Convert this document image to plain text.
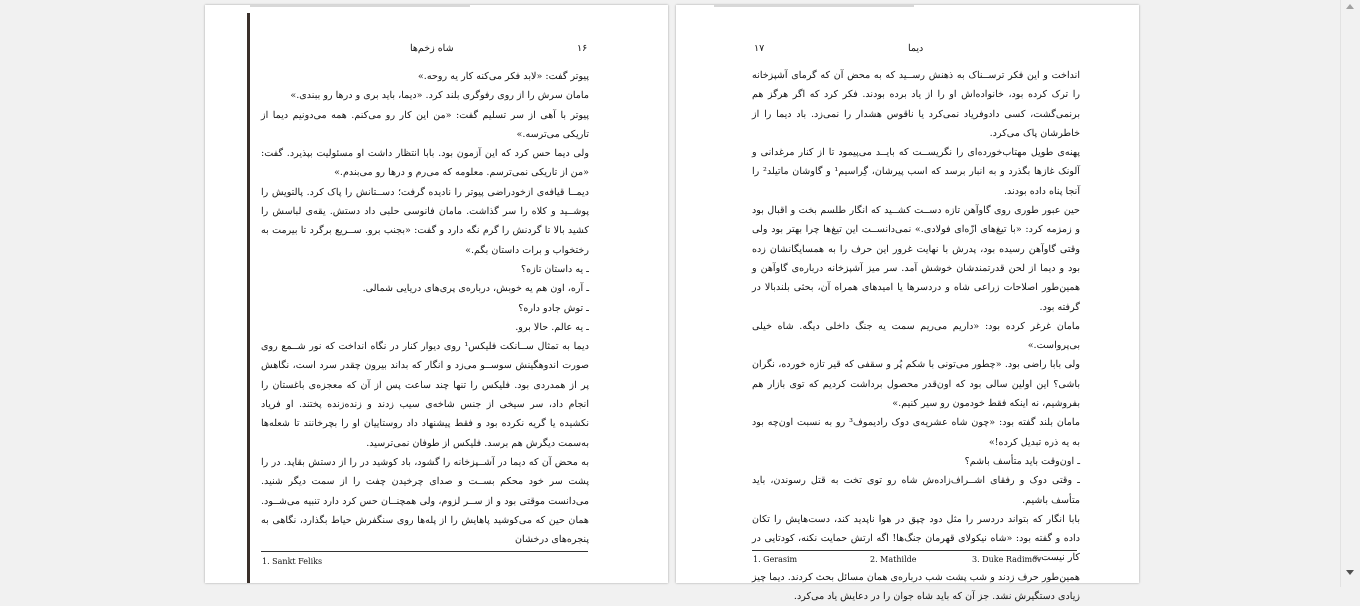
۱۶
شاه زخم‌ها

پیوتر گفت: «لابد فکر می‌کنه کار یه روحه.»

مامان سرش را از روی رفوگری بلند کرد. «دیما، باید بری و درها رو ببندی.»

پیوتر با آهی از سر تسلیم گفت: «من این کار رو می‌کنم. همه می‌دونیم دیما از تاریکی می‌ترسه.»

ولی دیما حس کرد که این آزمون بود. بابا انتظار داشت او مسئولیت بپذیرد. گفت: «من از تاریکی نمی‌ترسم. معلومه که می‌رم و درها رو می‌بندم.»

دیمــا قیافه‌ی ازخودراضی پیوتر را نادیده گرفت؛ دســتانش را پاک کرد. پالتویش را پوشــید و کلاه را سر گذاشت. مامان فانوسی حلبی داد دستش. یقه‌ی لباسش را کشید بالا تا گردنش را گرم نگه دارد و گفت: «بجنب برو. ســریع برگرد تا بیرمت به رختخواب و برات داستان بگم.»

ـ یه داستان تازه؟

ـ آره، اون هم یه خوبش، درباره‌ی پری‌های دریایی شمالی.

ـ توش جادو داره؟

ـ یه عالم. حالا برو.

دیما به تمثال ســانکت فلیکس¹ روی دیوار کنار در نگاه انداخت که نور شــمع روی صورت اندوهگینش سوســو می‌زد و انگار که بداند بیرون چقدر سرد است، نگاهش پر از همدردی بود. فلیکس را تنها چند ساعت پس از آن که معجزه‌ی باغستان را انجام داد، سر سیخی از جنس شاخه‌ی سیب زدند و زنده‌زنده پختند. او فریاد نکشیده یا گریه نکرده بود و فقط پیشنهاد داد روستاییان او را بچرخانند تا شعله‌ها به‌سمت دیگرش هم برسد. فلیکس از طوفان نمی‌ترسید.

به محض آن که دیما در آشــپزخانه را گشود، باد کوشید در را از دستش بقاپد. در را پشت سر خود محکم بســت و صدای چرخیدن چفت را از سمت دیگر شنید. می‌دانست موقتی بود و از ســر لزوم، ولی همچنــان حس کرد دارد تنبیه می‌شــود. همان حین که می‌کوشید پاهایش را از پله‌ها روی سنگفرش حیاط بگذارد، نگاهی به پنجره‌های درخشان

1. Sankt Feliks
۱۷	دیما

انداخت و این فکر ترســناک به ذهنش رســید که به محض آن که گرمای آشپزخانه را ترک کرده بود، خانواده‌اش او را از یاد برده بودند. فکر کرد که اگر هرگز هم برنمی‌گشت، کسی دادوفریاد نمی‌کرد یا ناقوس هشدار را نمی‌زد. باد دیما را از خاطرشان پاک می‌کرد.

پهنه‌ی طویل مهتاب‌خورده‌ای را نگریســت که بایــد می‌پیمود تا از کنار مرغدانی و آلونک غازها بگذرد و به انبار برسد که اسب پیرشان، گِراسیم¹ و گاوشان ماتیلد² را آنجا پناه داده بودند.

حین عبور طوری روی گاوآهن تازه دســت کشــید که انگار طلسم بخت و اقبال بود و زمزمه کرد: «با تیغ‌های ازّه‌ای فولادی.» نمی‌دانســت این تیغ‌ها چرا بهتر بود ولی وقتی گاوآهن رسیده بود، پدرش با نهایت غرور این حرف را به همسایگانشان زده بود و دیما از لحن قدرتمندشان خوشش آمد. سر میز آشپزخانه درباره‌ی گاوآهن و همین‌طور اصلاحات زراعی شاه و دردسرها یا امیدهای همراه آن، بحثی بلندبالا در گرفته بود.

مامان غرغر کرده بود: «داریم می‌ریم سمت یه جنگ داخلی دیگه. شاه خیلی بی‌پرواست.»

ولی بابا راضی بود. «چطور می‌تونی با شکم پُر و سقفی که قیر تازه خورده، نگران باشی؟ این اولین سالی بود که اون‌قدر محصول برداشت کردیم که توی بازار هم بفروشیم، نه اینکه فقط خودمون رو سیر کنیم.»

مامان بلند گفته بود: «چون شاه عشریه‌ی دوک رادیموف³ رو به نسبت اون‌چه بود به یه ذره تبدیل کرده!»

ـ اون‌وقت باید متأسف باشم؟

ـ وقتی دوک و رفقای اشــراف‌زاده‌ش شاه رو توی تخت به قتل رسوندن، باید متأسف باشیم.

بابا انگار که بتواند دردسر را مثل دود چپق در هوا ناپدید کند، دست‌هایش را تکان داده و گفته بود: «شاه نیکولای قهرمان جنگ‌ها! اگه ارتش حمایت نکنه، کودتایی در کار نیست.»

همین‌طور حرف زدند و شب پشت شب درباره‌ی همان مسائل بحث کردند. دیما چیز زیادی دستگیرش نشد. جز آن که باید شاه جوان را در دعایش یاد می‌کرد.

1. Gerasim	2. Mathilde	3. Duke Radimov
